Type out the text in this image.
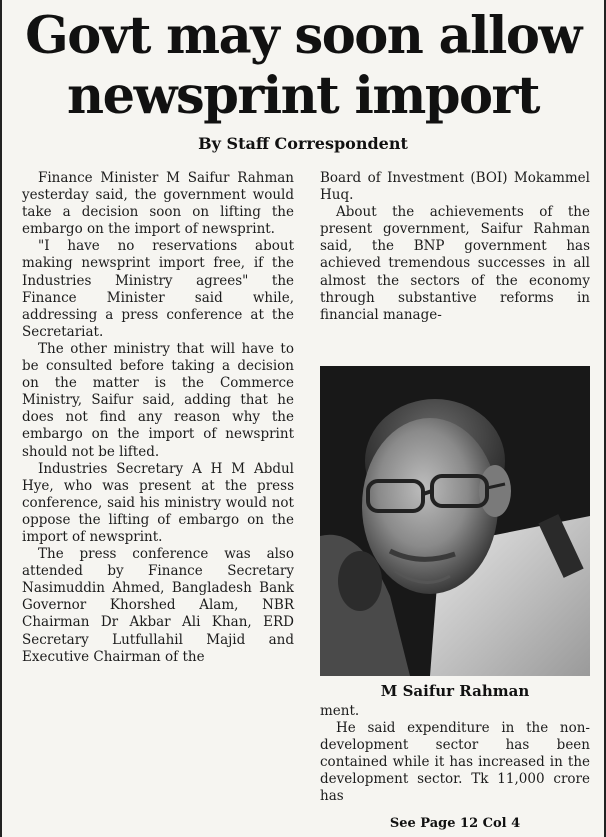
Govt may soon allow
newsprint import
By Staff Correspondent

Finance Minister M Saifur Rahman yesterday said, the government would take a decision soon on lifting the embargo on the import of newsprint.

"I have no reservations about making newsprint import free, if the Industries Ministry agrees" the Finance Minister said while, addressing a press conference at the Secretariat.

The other ministry that will have to be consulted before taking a decision on the matter is the Commerce Ministry, Saifur said, adding that he does not find any reason why the embargo on the import of newsprint should not be lifted.

Industries Secretary A H M Abdul Hye, who was present at the press conference, said his ministry would not oppose the lifting of embargo on the import of newsprint.

The press conference was also attended by Finance Secretary Nasimuddin Ahmed, Bangladesh Bank Governor Khorshed Alam, NBR Chairman Dr Akbar Ali Khan, ERD Secretary Lutfullahil Majid and Executive Chairman of the

Board of Investment (BOI) Mokammel Huq.

About the achievements of the present government, Saifur Rahman said, the BNP government has achieved tremendous successes in all almost the sectors of the economy through substantive reforms in financial manage-

M Saifur Rahman

ment.

He said expenditure in the non-development sector has been contained while it has increased in the development sector. Tk 11,000 crore has

See Page 12 Col 4
